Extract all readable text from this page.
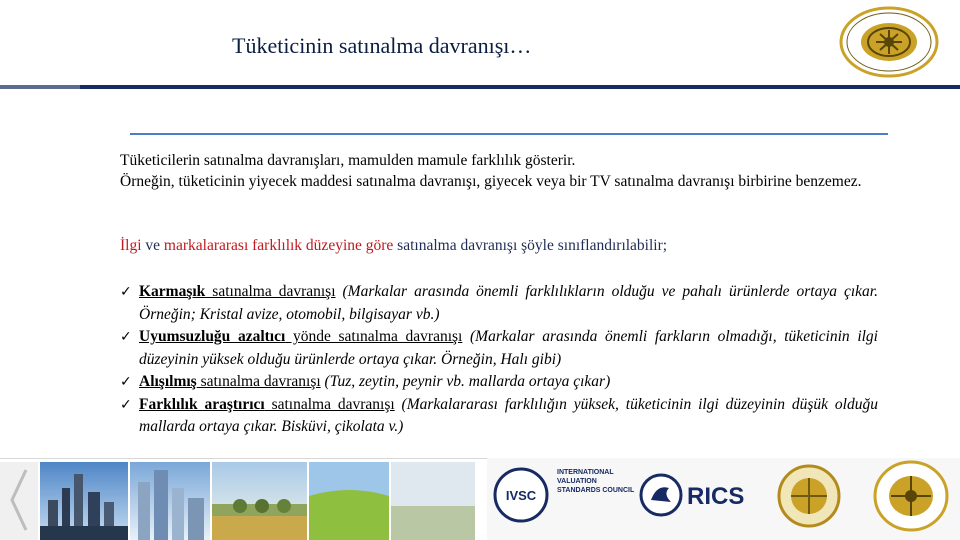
Tüketicinin satınalma davranışı…
Tüketicilerin satınalma davranışları, mamulden mamule farklılık gösterir.
Örneğin, tüketicinin yiyecek maddesi satınalma davranışı, giyecek veya bir TV satınalma davranışı birbirine benzemez.
İlgi ve markalararası farklılık düzeyine göre satınalma davranışı şöyle sınıflandırılabilir;
✓ Karmaşık satınalma davranışı (Markalar arasında önemli farklılıkların olduğu ve pahalı ürünlerde ortaya çıkar. Örneğin; Kristal avize, otomobil, bilgisayar vb.)
✓ Uyumsuzluğu azaltıcı yönde satınalma davranışı (Markalar arasında önemli farkların olmadığı, tüketicinin ilgi düzeyinin yüksek olduğu ürünlerde ortaya çıkar. Örneğin, Halı gibi)
✓ Alışılmış satınalma davranışı (Tuz, zeytin, peynir vb. mallarda ortaya çıkar)
✓ Farklılık araştırıcı satınalma davranışı (Markalararası farklılığın yüksek, tüketicinin ilgi düzeyinin düşük olduğu mallarda ortaya çıkar. Bisküvi, çikolata v.)
IVSC
INTERNATIONAL VALUATION STANDARDS COUNCIL RICS
